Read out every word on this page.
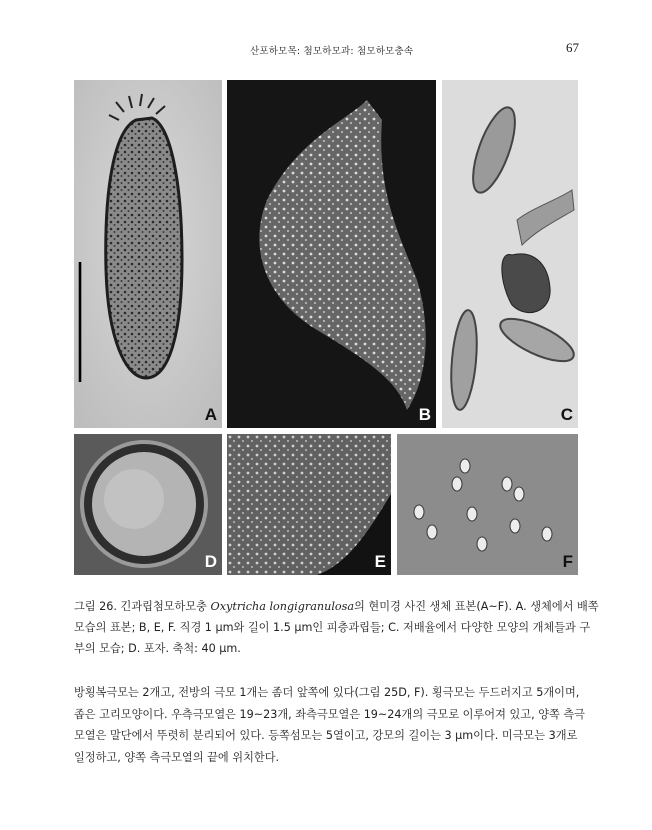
산포하모목: 첨모하모과: 첨모하모충속	67
A	B	C
D	E	F
그림 26. 긴과립첨모하모충 Oxytricha longigranulosa의 현미경 사진 생체 표본(A~F). A. 생체에서 배쪽
모습의 표본; B, E, F. 직경 1 μm와 길이 1.5 μm인 피층과립들; C. 저배율에서 다양한 모양의 개체들과 구
부의 모습; D. 포자. 축척: 40 μm.
방횡복극모는 2개고, 전방의 극모 1개는 좀더 앞쪽에 있다(그림 25D, F). 횡극모는 두드러지고 5개이며,
좁은 고리모양이다. 우측극모열은 19~23개, 좌측극모열은 19~24개의 극모로 이루어져 있고, 양쪽 측극
모열은 말단에서 뚜렷히 분리되어 있다. 등쪽섬모는 5열이고, 강모의 길이는 3 μm이다. 미극모는 3개로
일정하고, 양쪽 측극모열의 끝에 위치한다.
